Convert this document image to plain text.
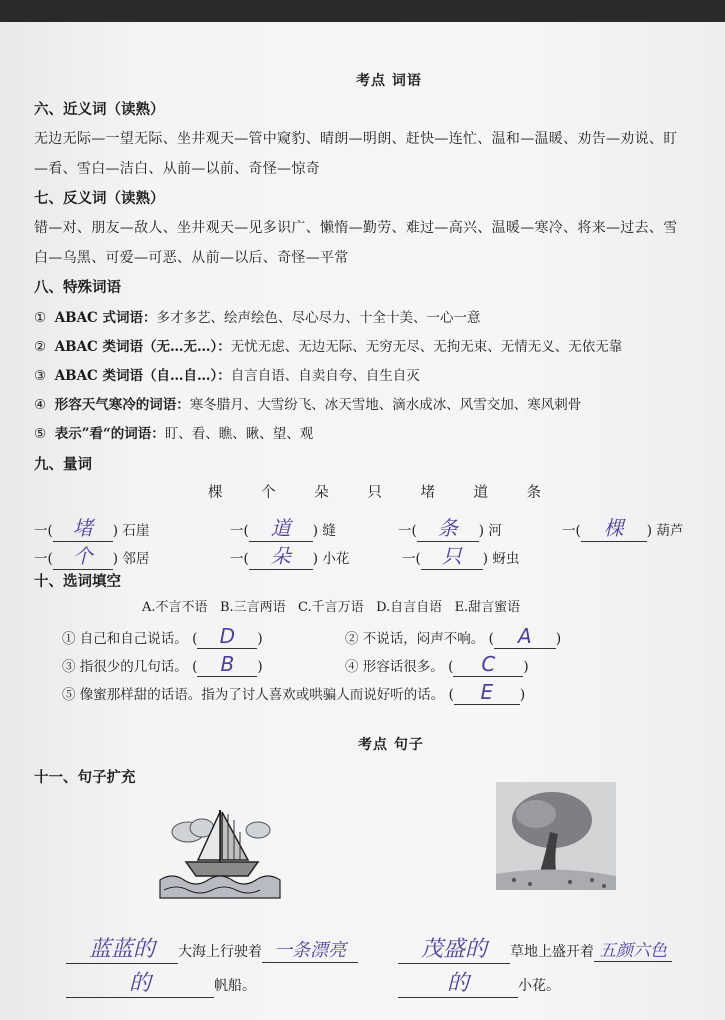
考点 词语
六、近义词（读熟）
无边无际—一望无际、坐井观天—管中窥豹、晴朗—明朗、赶快—连忙、温和—温暖、劝告—劝说、盯
—看、雪白—洁白、从前—以前、奇怪—惊奇
七、反义词（读熟）
错—对、朋友—敌人、坐井观天—见多识广、懒惰—勤劳、难过—高兴、温暖—寒冷、将来—过去、雪
白—乌黑、可爱—可恶、从前—以后、奇怪—平常
八、特殊词语
① ABAC 式词语：多才多艺、绘声绘色、尽心尽力、十全十美、一心一意
② ABAC 类词语（无…无…）：无忧无虑、无边无际、无穷无尽、无拘无束、无情无义、无依无靠
③ ABAC 类词语（自…自…）：自言自语、自卖自夸、自生自灭
④ 形容天气寒冷的词语：寒冬腊月、大雪纷飞、冰天雪地、滴水成冰、风雪交加、寒风刺骨
⑤ 表示”看“的词语：盯、看、瞧、瞅、望、观
九、量词
棵	个	朵	只	堵	道	条
一( 堵 ) 石崖	一( 道 ) 缝	一( 条 ) 河	一( 棵 ) 葫芦
一( 个 ) 邻居	一( 朵 ) 小花	一( 只 ) 蚜虫
十、选词填空
A.不言不语 B.三言两语 C.千言万语 D.自言自语 E.甜言蜜语
① 自己和自己说话。 ( D )	② 不说话，闷声不响。 ( A )
③ 指很少的几句话。 ( B )	④ 形容话很多。 ( C )
⑤ 像蜜那样甜的话语。指为了讨人喜欢或哄骗人而说好听的话。 ( E )
考点 句子
十一、句子扩充
蓝蓝的 大海上行驶着 一条漂亮
的	帆船。
茂盛的 草地上盛开着 五颜六色
的	小花。
